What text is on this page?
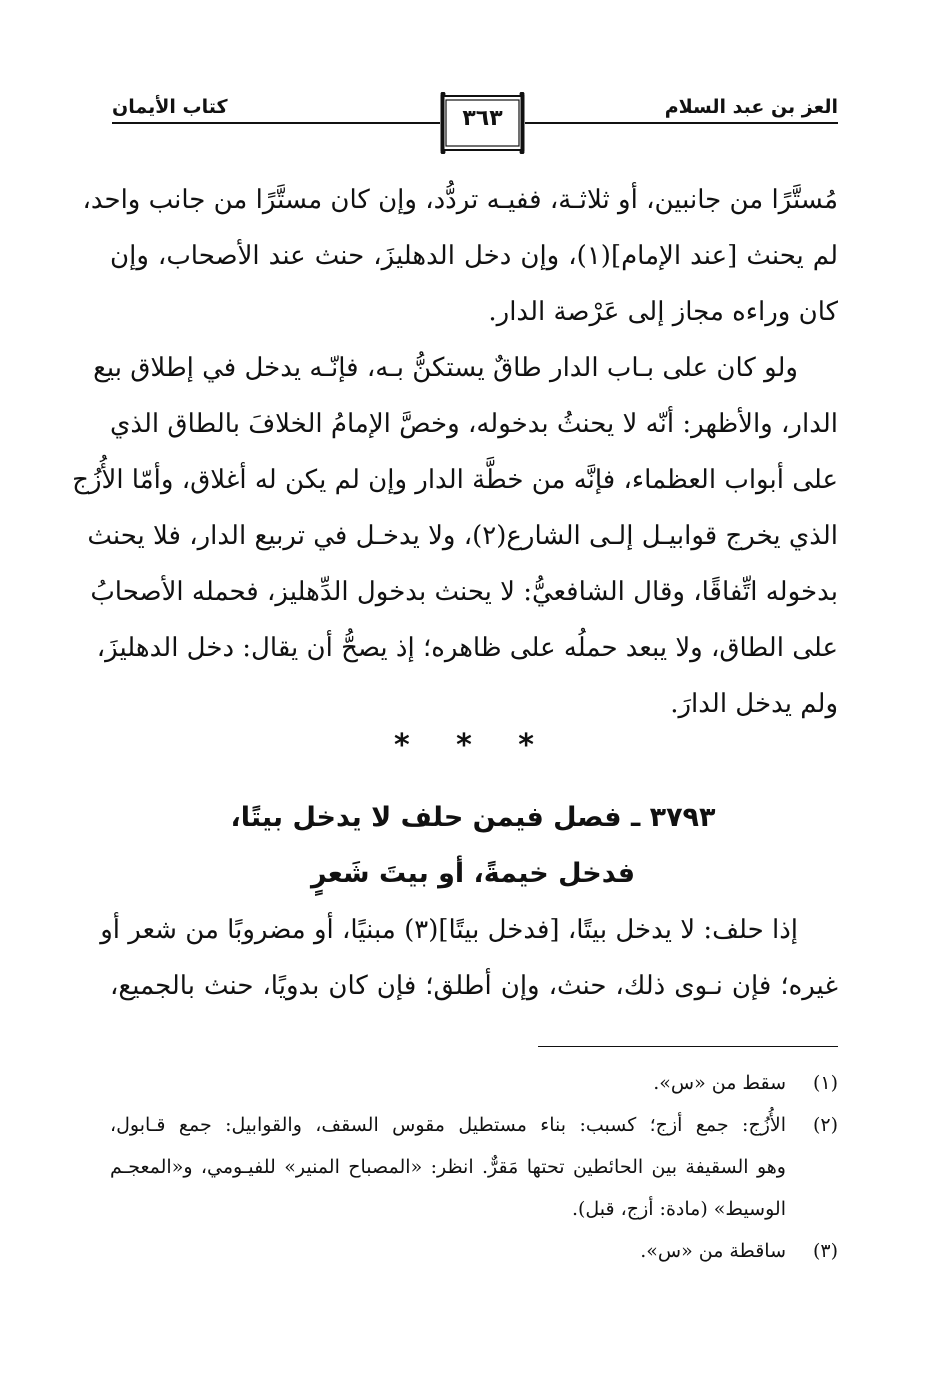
العز بن عبد السلام
كتاب الأيمان	٣٦٣
مُستَّرًا من جانبين، أو ثلاثـة، ففيـه تردُّد، وإن كان مستَّرًا من جانب واحد،
لم يحنث [عند الإمام](١)، وإن دخل الدهليزَ، حنث عند الأصحاب، وإن
كان وراءه مجاز إلى عَرْصة الدار.
ولو كان على بـاب الدار طاقٌ يستكنُّ بـه، فإنّـه يدخل في إطلاق بيع
الدار، والأظهر: أنّه لا يحنثُ بدخوله، وخصَّ الإمامُ الخلافَ بالطاق الذي
على أبواب العظماء، فإنَّه من خطَّة الدار وإن لم يكن له أغلاق، وأمّا الأُزُج
الذي يخرج قوابيـل إلـى الشارع(٢)، ولا يدخـل في تربيع الدار، فلا يحنث
بدخوله اتِّفاقًا، وقال الشافعيُّ: لا يحنث بدخول الدِّهليز، فحمله الأصحابُ
على الطاق، ولا يبعد حملُه على ظاهره؛ إذ يصحُّ أن يقال: دخل الدهليزَ،
ولم يدخل الدارَ.
* * *
٣٧٩٣ ـ فصل فيمن حلف لا يدخل بيتًا،
فدخل خيمةً، أو بيتَ شَعرٍ
إذا حلف: لا يدخل بيتًا، [فدخل بيتًا](٣) مبنيًا، أو مضروبًا من شعر أو
غيره؛ فإن نـوى ذلك، حنث، وإن أطلق؛ فإن كان بدويًا، حنث بالجميع،
(١)
سقط من «س».
(٢)
الأُزُج: جمع أزج؛ كسبب: بناء مستطيل مقوس السقف، والقوابيل: جمع قـابول،
وهو السقيفة بين الحائطين تحتها مَقرٌّ. انظر: «المصباح المنير» للفيـومي، و«المعجـم
الوسيط» (مادة: أزج، قبل).
(٣)
ساقطة من «س».
